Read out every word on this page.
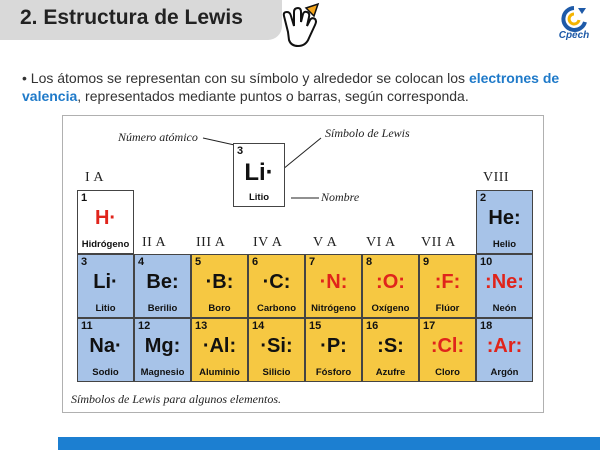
2. Estructura de Lewis
Cpech
• Los átomos se representan con su símbolo y alrededor se colocan los electrones de valencia, representados mediante puntos o barras, según corresponda.
Número atómico	Símbolo de Lewis
Nombre
3
Li·
Litio
I A
II A III A IV A V A VI A VII A
VIII
1
H·
Hidrógeno
2
He:
Helio
3
Li·
Litio
4
Be:
Berilio
5
·B:
Boro
6
·C:
Carbono
7
·N:
Nitrógeno
8
:O:
Oxígeno
9
:F:
Flúor
10
:Ne:
Neón
11
Na·
Sodio
12
Mg:
Magnesio
13
·Al:
Aluminio
14
·Si:
Silicio
15
·P:
Fósforo
16
:S:
Azufre
17
:Cl:
Cloro
18
:Ar:
Argón
Símbolos de Lewis para algunos elementos.
